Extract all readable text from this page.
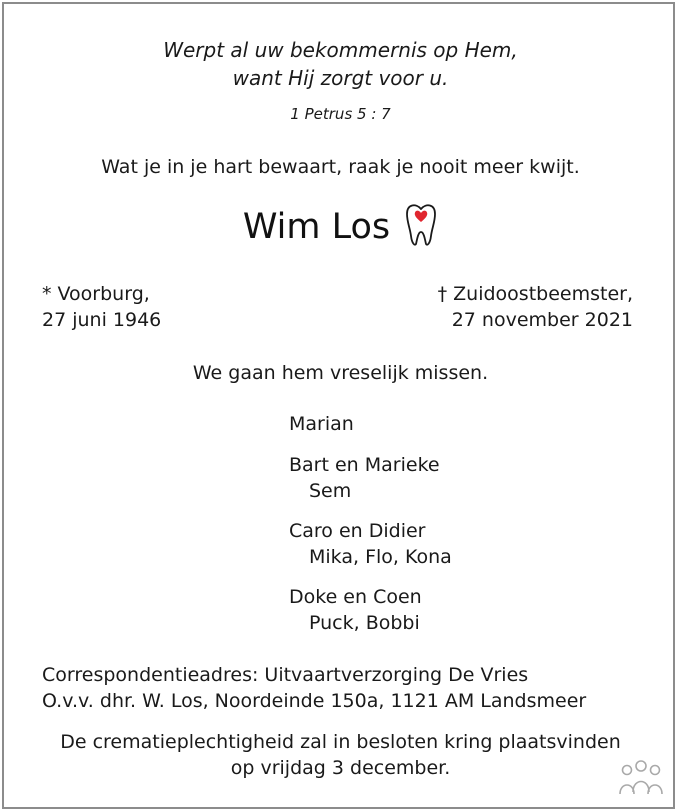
Werpt al uw bekommernis op Hem,
want Hij zorgt voor u.
1 Petrus 5 : 7
Wat je in je hart bewaart, raak je nooit meer kwijt.
Wim Los
* Voorburg,
27 juni 1946
† Zuidoostbeemster,
27 november 2021
We gaan hem vreselijk missen.
Marian
Bart en Marieke
Sem
Caro en Didier
Mika, Flo, Kona
Doke en Coen
Puck, Bobbi
Correspondentieadres: Uitvaartverzorging De Vries
O.v.v. dhr. W. Los, Noordeinde 150a, 1121 AM Landsmeer
De crematieplechtigheid zal in besloten kring plaatsvinden
op vrijdag 3 december.
